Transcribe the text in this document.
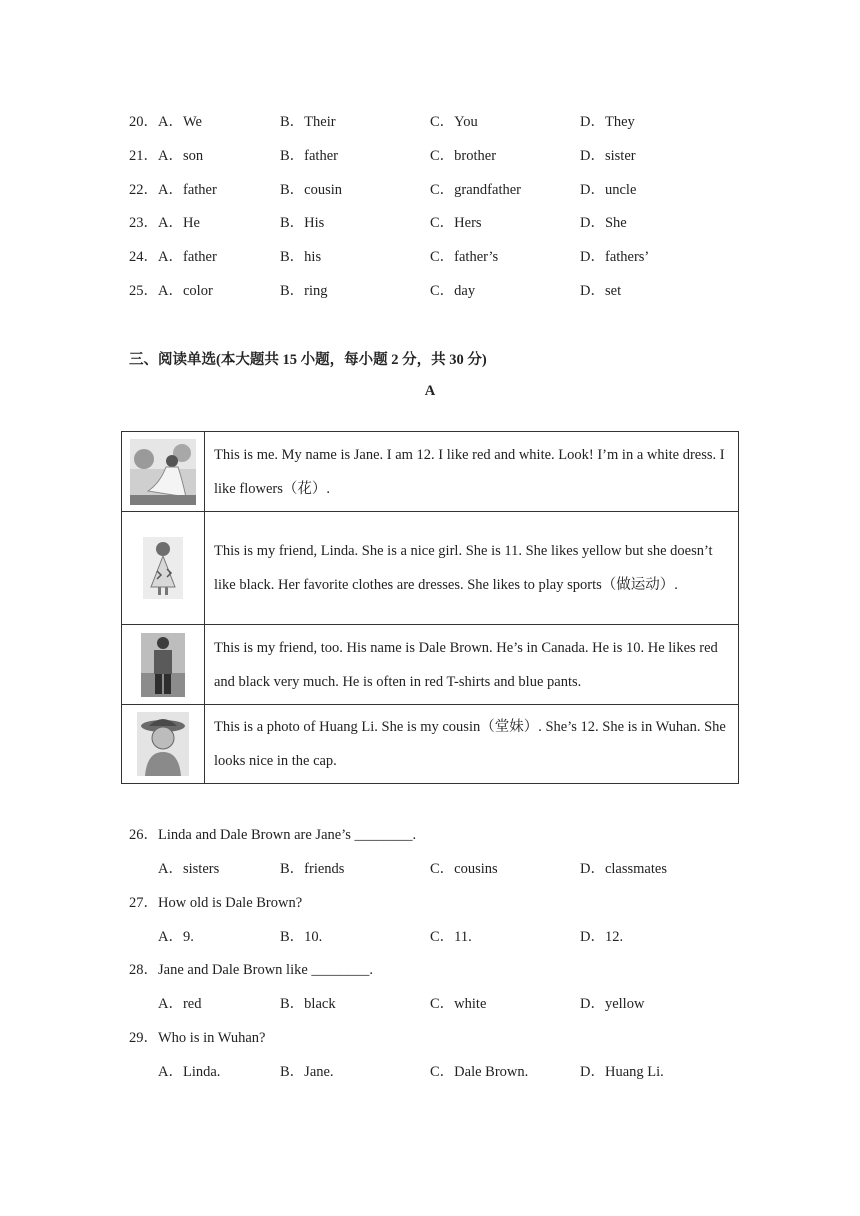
20．A．We	B．Their	C．You	D．They
21．A．son	B．father	C．brother	D．sister
22．A．father	B．cousin	C．grandfather	D．uncle
23．A．He	B．His	C．Hers	D．She
24．A．father	B．his	C．father’s	D．fathers’
25．A．color	B．ring	C．day	D．set
三、阅读单选(本大题共 15 小题，每小题 2 分，共 30 分)
A
	This is me. My name is Jane. I am 12. I like red and white. Look! I’m in a white dress. I like flowers（花）.

	This is my friend, Linda. She is a nice girl. She is 11. She likes yellow but she doesn’t like black. Her favorite clothes are dresses. She likes to play sports（做运动）.

	This is my friend, too. His name is Dale Brown. He’s in Canada. He is 10. He likes red and black very much. He is often in red T-shirts and blue pants.

	This is a photo of Huang Li. She is my cousin（堂妹）. She’s 12. She is in Wuhan. She looks nice in the cap.
26．Linda and Dale Brown are Jane’s ________.
A．sisters	B．friends	C．cousins	D．classmates
27．How old is Dale Brown?
A．9.	B．10.	C．11.	D．12.
28．Jane and Dale Brown like ________.
A．red	B．black	C．white	D．yellow
29．Who is in Wuhan?
A．Linda.	B．Jane.	C．Dale Brown.	D．Huang Li.
